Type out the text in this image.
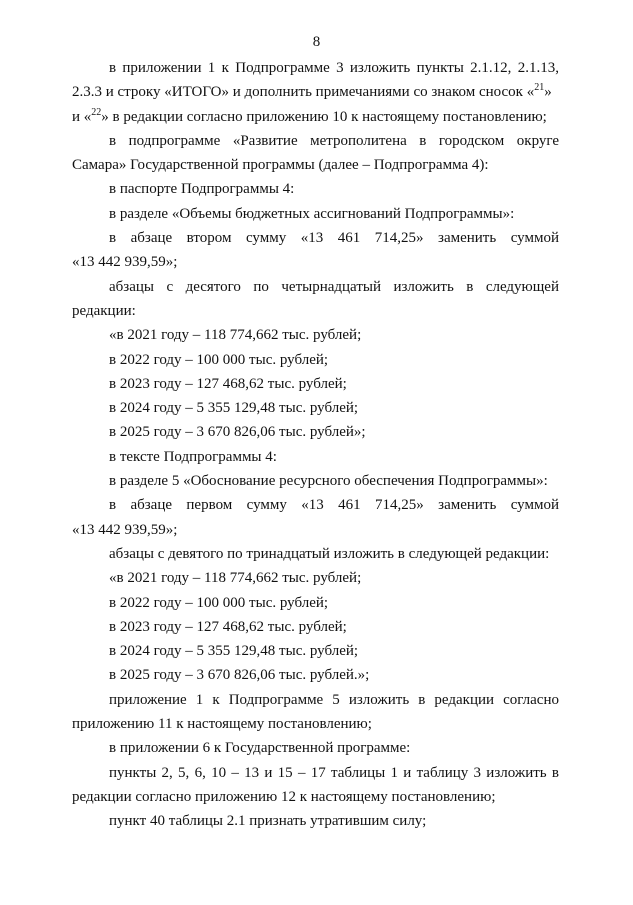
8
в приложении 1 к Подпрограмме 3 изложить пункты 2.1.12, 2.1.13,
2.3.3 и строку «ИТОГО» и дополнить примечаниями со знаком сносок «$^{21}$»
и «$^{22}$» в редакции согласно приложению 10 к настоящему постановлению;
в подпрограмме «Развитие метрополитена в городском округе
Самара» Государственной программы (далее – Подпрограмма 4):
в паспорте Подпрограммы 4:
в разделе «Объемы бюджетных ассигнований Подпрограммы»:
в абзаце втором сумму «13 461 714,25» заменить суммой
«13 442 939,59»;
абзацы с десятого по четырнадцатый изложить в следующей
редакции:
«в 2021 году – 118 774,662 тыс. рублей;
в 2022 году – 100 000 тыс. рублей;
в 2023 году – 127 468,62 тыс. рублей;
в 2024 году – 5 355 129,48 тыс. рублей;
в 2025 году – 3 670 826,06 тыс. рублей»;
в тексте Подпрограммы 4:
в разделе 5 «Обоснование ресурсного обеспечения Подпрограммы»:
в абзаце первом сумму «13 461 714,25» заменить суммой
«13 442 939,59»;
абзацы с девятого по тринадцатый изложить в следующей редакции:
«в 2021 году – 118 774,662 тыс. рублей;
в 2022 году – 100 000 тыс. рублей;
в 2023 году – 127 468,62 тыс. рублей;
в 2024 году – 5 355 129,48 тыс. рублей;
в 2025 году – 3 670 826,06 тыс. рублей.»;
приложение 1 к Подпрограмме 5 изложить в редакции согласно
приложению 11 к настоящему постановлению;
в приложении 6 к Государственной программе:
пункты 2, 5, 6, 10 – 13 и 15 – 17 таблицы 1 и таблицу 3 изложить в
редакции согласно приложению 12 к настоящему постановлению;
пункт 40 таблицы 2.1 признать утратившим силу;
